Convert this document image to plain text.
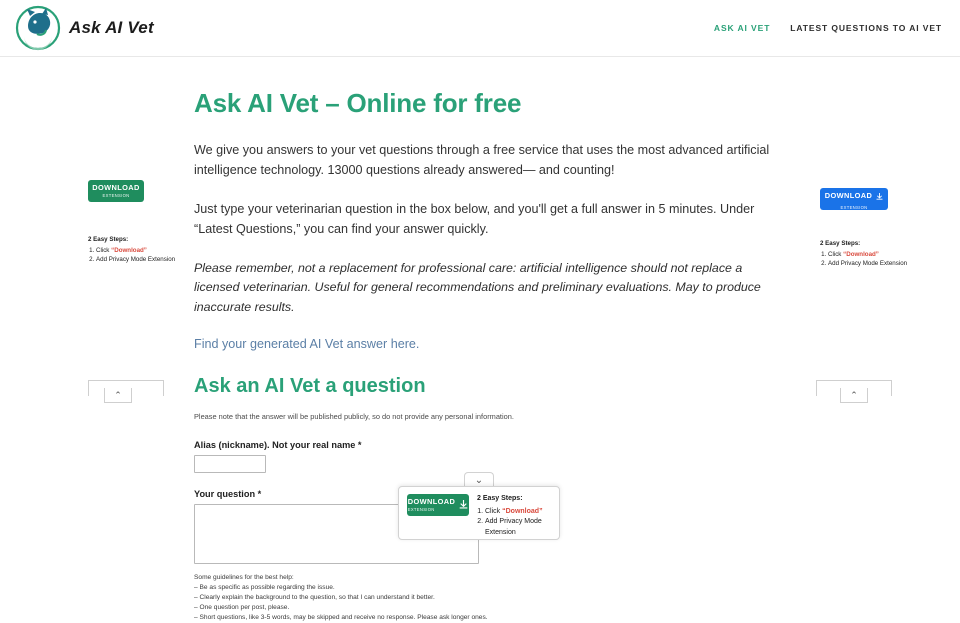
Ask AI Vet	ASK AI VET LATEST QUESTIONS TO AI VET
Ask AI Vet – Online for free

We give you answers to your vet questions through a free service that uses the most advanced artificial intelligence technology. 13000 questions already answered— and counting!

Just type your veterinarian question in the box below, and you'll get a full answer in 5 minutes. Under “Latest Questions,” you can find your answer quickly.

Please remember, not a replacement for professional care: artificial intelligence should not replace a licensed veterinarian. Useful for general recommendations and preliminary evaluations. May to produce inaccurate results.

Find your generated AI Vet answer here.
Ask an AI Vet a question
Please note that the answer will be published publicly, so do not provide any personal information.
Alias (nickname). Not your real name *
Your question *
Some guidelines for the best help:
– Be as specific as possible regarding the issue.
– Clearly explain the background to the question, so that I can understand it better.
– One question per post, please.
– Short questions, like 3-5 words, may be skipped and receive no response. Please ask longer ones.
DOWNLOAD
EXTENSION
2 Easy Steps:
1. Click “Download”
2. Add Privacy Mode Extension
DOWNLOAD
EXTENSION
2 Easy Steps:
1. Click “Download”
2. Add Privacy Mode Extension
⌃	⌃
⌄
DOWNLOAD
EXTENSION
2 Easy Steps:
1. Click “Download”
2. Add Privacy Mode Extension
